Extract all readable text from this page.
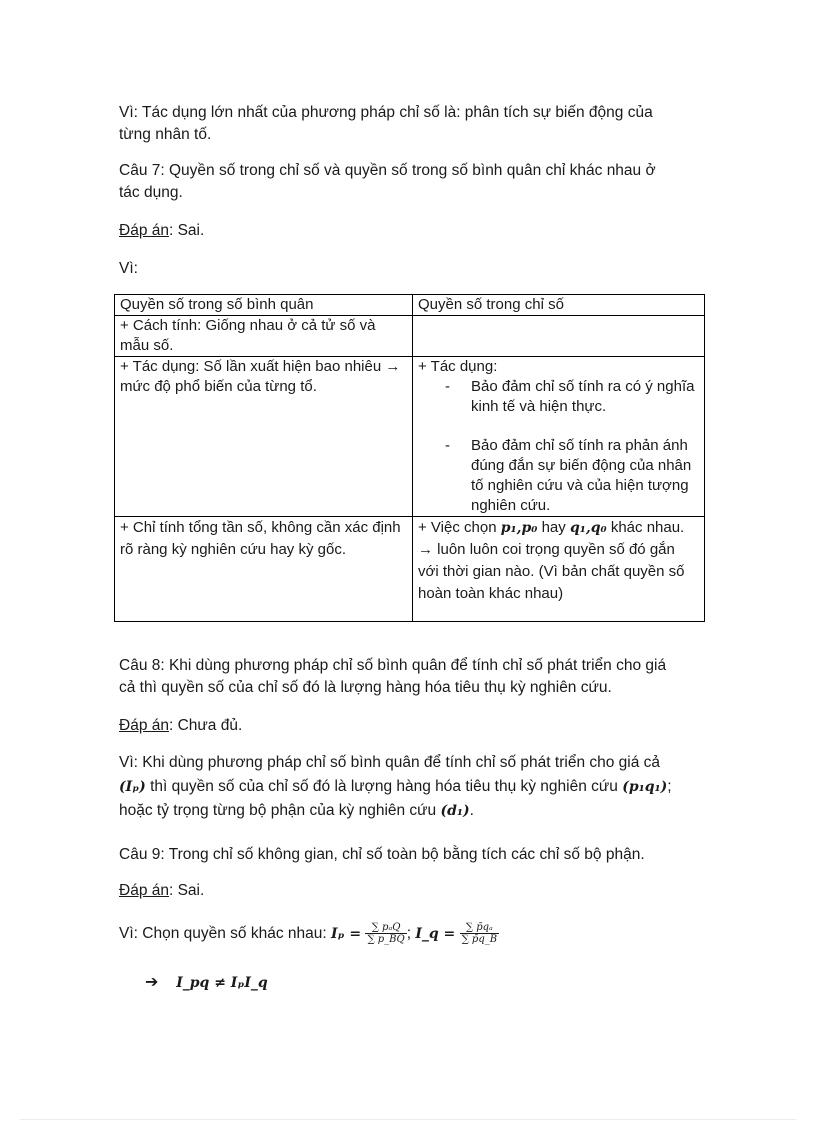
Vì: Tác dụng lớn nhất của phương pháp chỉ số là: phân tích sự biến động của
từng nhân tố.

Câu 7: Quyền số trong chỉ số và quyền số trong số bình quân chỉ khác nhau ở
tác dụng.

Đáp án: Sai.

Vì:

Quyền số trong số bình quân	Quyền số trong chỉ số
+ Cách tính: Giống nhau ở cả tử số và mẫu số.	
+ Tác dụng: Số lần xuất hiện bao nhiêu → mức độ phổ biến của từng tổ.	+ Tác dụng:
- Bảo đảm chỉ số tính ra có ý nghĩa kinh tế và hiện thực.
- Bảo đảm chỉ số tính ra phản ánh đúng đắn sự biến động của nhân tố nghiên cứu và của hiện tượng nghiên cứu.

+ Chỉ tính tổng tần số, không cần xác định rõ ràng kỳ nghiên cứu hay kỳ gốc.	+ Việc chọn p₁,p₀ hay q₁,q₀ khác nhau.
→ luôn luôn coi trọng quyền số đó gắn với thời gian nào. (Vì bản chất quyền số hoàn toàn khác nhau)

Câu 8: Khi dùng phương pháp chỉ số bình quân để tính chỉ số phát triển cho giá
cả thì quyền số của chỉ số đó là lượng hàng hóa tiêu thụ kỳ nghiên cứu.

Đáp án: Chưa đủ.

Vì: Khi dùng phương pháp chỉ số bình quân để tính chỉ số phát triển cho giá cả
(Iₚ) thì quyền số của chỉ số đó là lượng hàng hóa tiêu thụ kỳ nghiên cứu (p₁q₁);
hoặc tỷ trọng từng bộ phận của kỳ nghiên cứu (d₁).

Câu 9: Trong chỉ số không gian, chỉ số toàn bộ bằng tích các chỉ số bộ phận.

Đáp án: Sai.

Vì: Chọn quyền số khác nhau: $I_p = \frac{\text{∑ pₐQ}}{\sum p\_BQ}$ ; I_q = $\frac{\text{∑ p̄qₐ}}{\sum p̄q\_B}$

➔ I_pq ≠ IₚI_q
